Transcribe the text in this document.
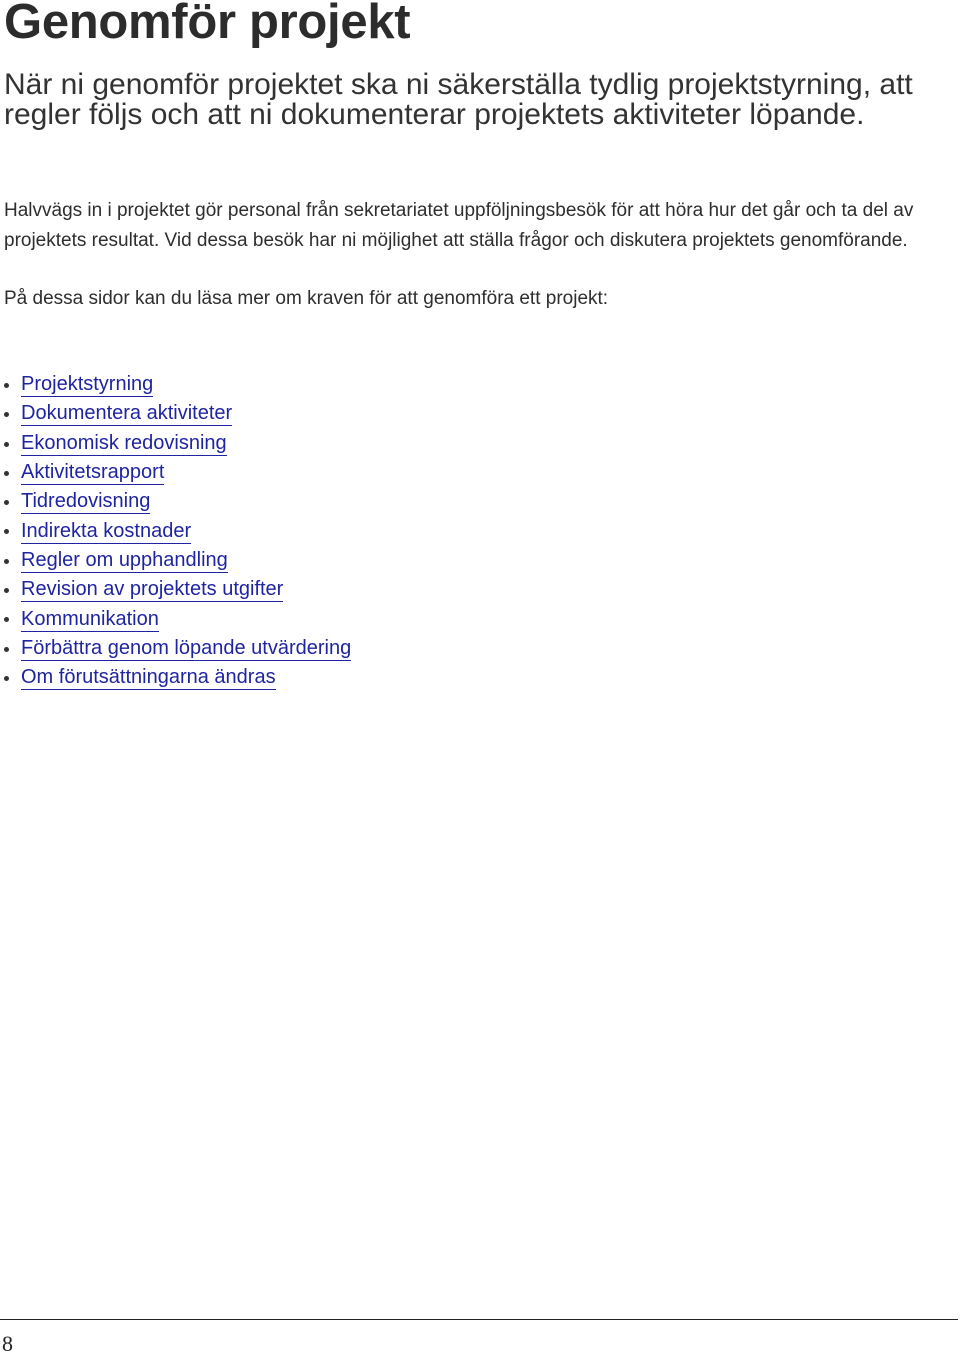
Genomför projekt

När ni genomför projektet ska ni säkerställa tydlig projektstyrning, att regler följs och att ni dokumenterar projektets aktiviteter löpande.

Halvvägs in i projektet gör personal från sekretariatet uppföljningsbesök för att höra hur det går och ta del av projektets resultat. Vid dessa besök har ni möjlighet att ställa frågor och diskutera projektets genomförande.

På dessa sidor kan du läsa mer om kraven för att genomföra ett projekt:

Projektstyrning
Dokumentera aktiviteter
Ekonomisk redovisning
Aktivitetsrapport
Tidredovisning
Indirekta kostnader
Regler om upphandling
Revision av projektets utgifter
Kommunikation
Förbättra genom löpande utvärdering
Om förutsättningarna ändras
8
